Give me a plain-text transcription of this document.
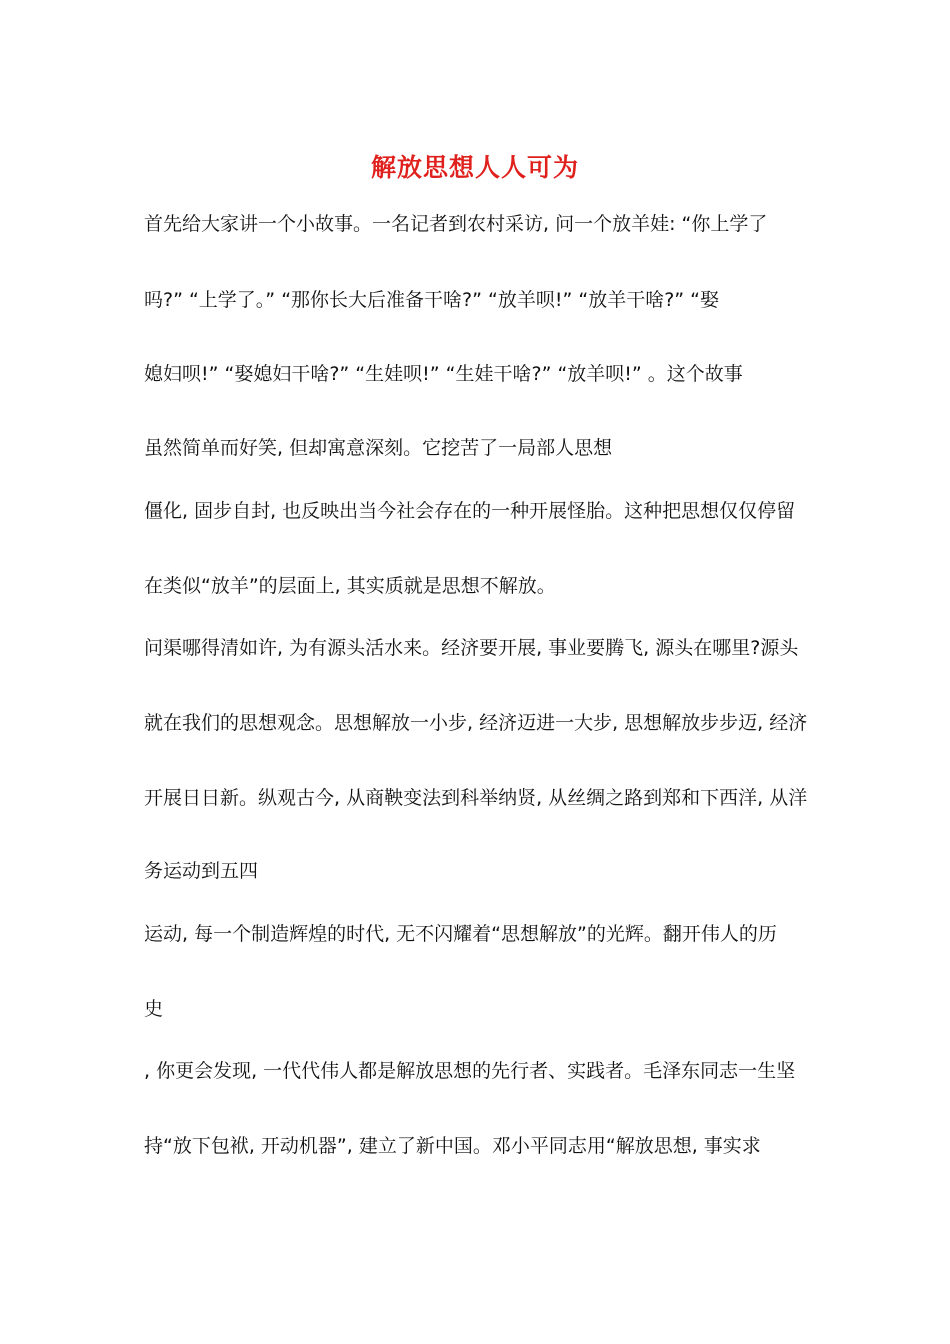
解放思想人人可为
首先给大家讲一个小故事。一名记者到农村采访, 问一个放羊娃: “你上学了
吗?” “上学了。” “那你长大后准备干啥?” “放羊呗!” “放羊干啥?” “娶
媳妇呗!” “娶媳妇干啥?” “生娃呗!” “生娃干啥?” “放羊呗!” 。这个故事
虽然简单而好笑, 但却寓意深刻。它挖苦了一局部人思想
僵化, 固步自封, 也反映出当今社会存在的一种开展怪胎。这种把思想仅仅停留
在类似“放羊”的层面上, 其实质就是思想不解放。
问渠哪得清如许, 为有源头活水来。经济要开展, 事业要腾飞, 源头在哪里?源头
就在我们的思想观念。思想解放一小步, 经济迈进一大步, 思想解放步步迈, 经济
开展日日新。纵观古今, 从商鞅变法到科举纳贤, 从丝绸之路到郑和下西洋, 从洋
务运动到五四
运动, 每一个制造辉煌的时代, 无不闪耀着“思想解放”的光辉。翻开伟人的历
史
, 你更会发现, 一代代伟人都是解放思想的先行者、实践者。毛泽东同志一生坚
持“放下包袱, 开动机器”, 建立了新中国。邓小平同志用“解放思想, 事实求
